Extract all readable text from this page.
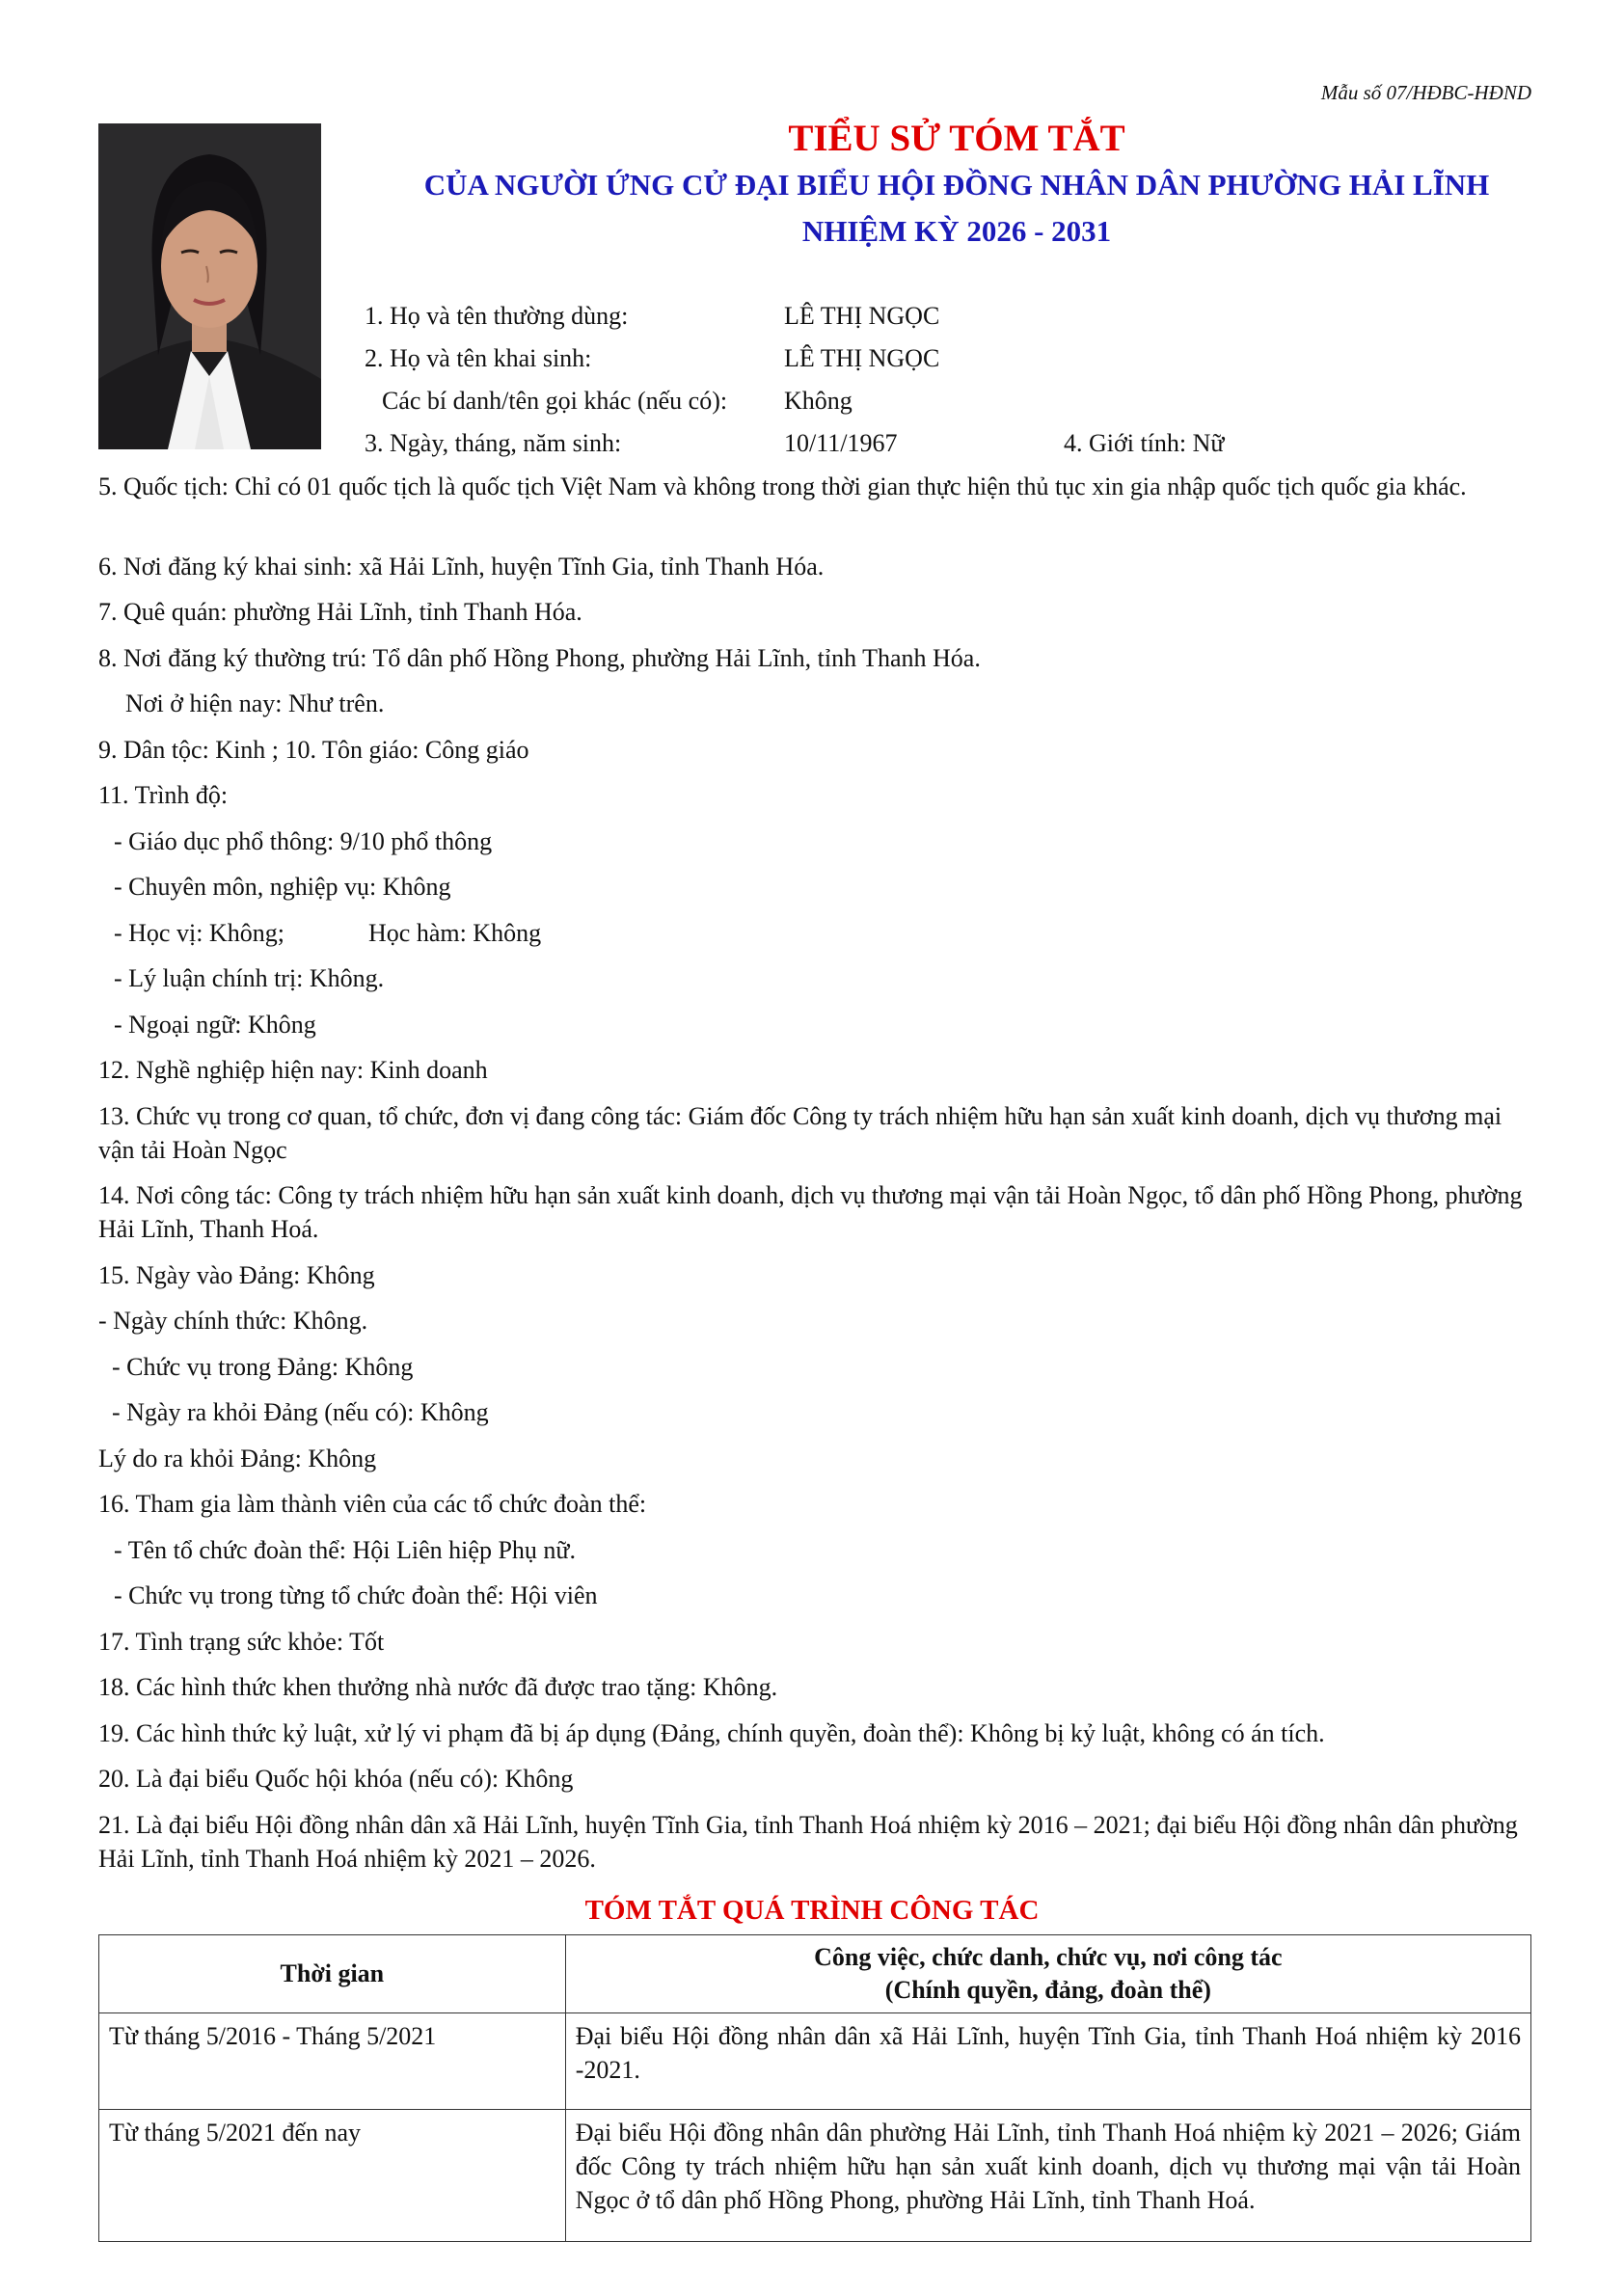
Mẫu số 07/HĐBC-HĐND
TIỂU SỬ TÓM TẮT
CỦA NGƯỜI ỨNG CỬ ĐẠI BIỂU HỘI ĐỒNG NHÂN DÂN PHƯỜNG HẢI LĨNH
NHIỆM KỲ 2026 - 2031
1. Họ và tên thường dùng:	LÊ THỊ NGỌC
2. Họ và tên khai sinh:	LÊ THỊ NGỌC
Các bí danh/tên gọi khác (nếu có): Không
3. Ngày, tháng, năm sinh:	10/11/1967	4. Giới tính: Nữ
5. Quốc tịch: Chỉ có 01 quốc tịch là quốc tịch Việt Nam và không trong thời gian thực hiện thủ tục xin gia nhập quốc tịch quốc gia khác.
6. Nơi đăng ký khai sinh: xã Hải Lĩnh, huyện Tĩnh Gia, tỉnh Thanh Hóa.
7. Quê quán: phường Hải Lĩnh, tỉnh Thanh Hóa.
8. Nơi đăng ký thường trú: Tổ dân phố Hồng Phong, phường Hải Lĩnh, tỉnh Thanh Hóa.
Nơi ở hiện nay: Như trên.
9. Dân tộc: Kinh ; 10. Tôn giáo: Công giáo
11. Trình độ:
- Giáo dục phổ thông: 9/10 phổ thông
- Chuyên môn, nghiệp vụ: Không
- Học vị: Không;	Học hàm: Không
- Lý luận chính trị: Không.
- Ngoại ngữ: Không
12. Nghề nghiệp hiện nay: Kinh doanh
13. Chức vụ trong cơ quan, tổ chức, đơn vị đang công tác: Giám đốc Công ty trách nhiệm hữu hạn sản xuất kinh doanh, dịch vụ thương mại vận tải Hoàn Ngọc
14. Nơi công tác: Công ty trách nhiệm hữu hạn sản xuất kinh doanh, dịch vụ thương mại vận tải Hoàn Ngọc, tổ dân phố Hồng Phong, phường Hải Lĩnh, Thanh Hoá.
15. Ngày vào Đảng: Không
- Ngày chính thức: Không.
- Chức vụ trong Đảng: Không
- Ngày ra khỏi Đảng (nếu có): Không
Lý do ra khỏi Đảng: Không
16. Tham gia làm thành viên của các tổ chức đoàn thể:
- Tên tổ chức đoàn thể: Hội Liên hiệp Phụ nữ.
- Chức vụ trong từng tổ chức đoàn thể: Hội viên
17. Tình trạng sức khỏe: Tốt
18. Các hình thức khen thưởng nhà nước đã được trao tặng: Không.
19. Các hình thức kỷ luật, xử lý vi phạm đã bị áp dụng (Đảng, chính quyền, đoàn thể): Không bị kỷ luật, không có án tích.
20. Là đại biểu Quốc hội khóa (nếu có): Không
21. Là đại biểu Hội đồng nhân dân xã Hải Lĩnh, huyện Tĩnh Gia, tỉnh Thanh Hoá nhiệm kỳ 2016 – 2021; đại biểu Hội đồng nhân dân phường Hải Lĩnh, tỉnh Thanh Hoá nhiệm kỳ 2021 – 2026.
TÓM TẮT QUÁ TRÌNH CÔNG TÁC
Thời gian	Công việc, chức danh, chức vụ, nơi công tác
(Chính quyền, đảng, đoàn thể)

Từ tháng 5/2016 - Tháng 5/2021	Đại biểu Hội đồng nhân dân xã Hải Lĩnh, huyện Tĩnh Gia, tỉnh Thanh Hoá nhiệm kỳ 2016 -2021.
Từ tháng 5/2021 đến nay	Đại biểu Hội đồng nhân dân phường Hải Lĩnh, tỉnh Thanh Hoá nhiệm kỳ 2021 – 2026; Giám đốc Công ty trách nhiệm hữu hạn sản xuất kinh doanh, dịch vụ thương mại vận tải Hoàn Ngọc ở tổ dân phố Hồng Phong, phường Hải Lĩnh, tỉnh Thanh Hoá.
